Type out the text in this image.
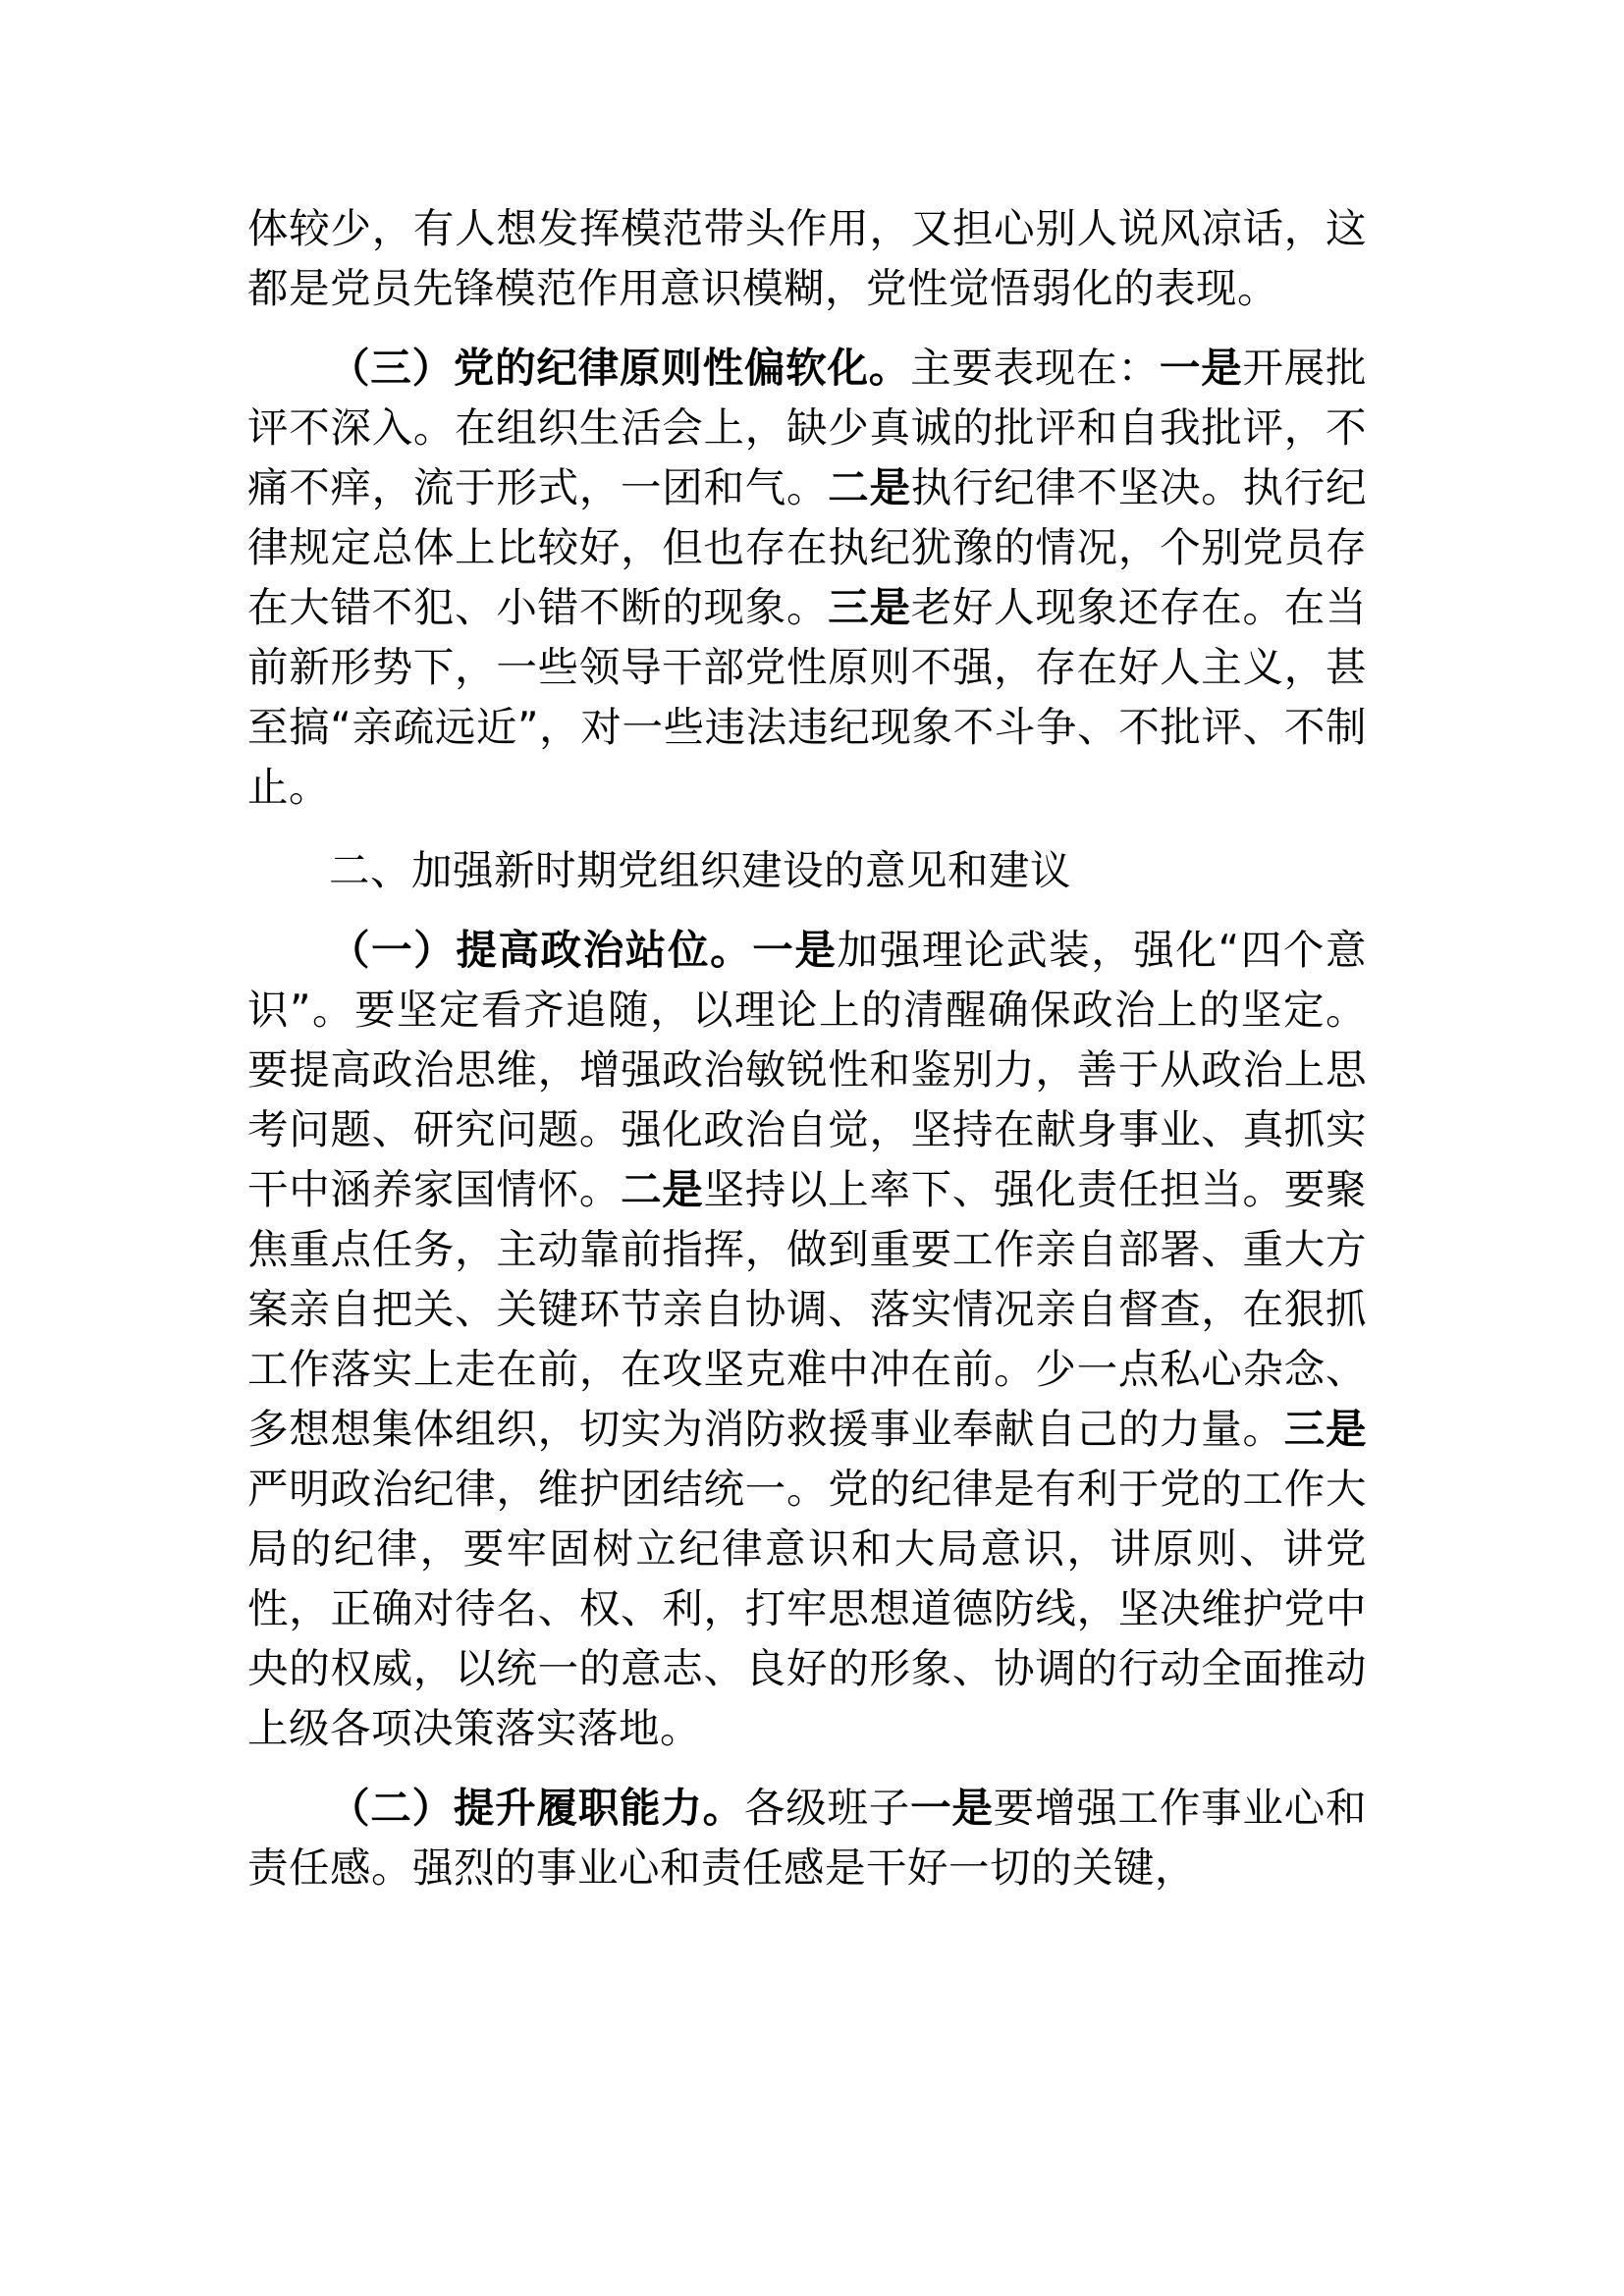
体较少，有人想发挥模范带头作用，又担心别人说风凉话，这都是党员先锋模范作用意识模糊，党性觉悟弱化的表现。

（三）党的纪律原则性偏软化。主要表现在：一是开展批评不深入。在组织生活会上，缺少真诚的批评和自我批评，不痛不痒，流于形式，一团和气。二是执行纪律不坚决。执行纪律规定总体上比较好，但也存在执纪犹豫的情况，个别党员存在大错不犯、小错不断的现象。三是老好人现象还存在。在当前新形势下，一些领导干部党性原则不强，存在好人主义，甚至搞“亲疏远近”，对一些违法违纪现象不斗争、不批评、不制止。

二、加强新时期党组织建设的意见和建议

（一）提高政治站位。一是加强理论武装，强化“四个意识”。要坚定看齐追随，以理论上的清醒确保政治上的坚定。要提高政治思维，增强政治敏锐性和鉴别力，善于从政治上思考问题、研究问题。强化政治自觉，坚持在献身事业、真抓实干中涵养家国情怀。二是坚持以上率下、强化责任担当。要聚焦重点任务，主动靠前指挥，做到重要工作亲自部署、重大方案亲自把关、关键环节亲自协调、落实情况亲自督查，在狠抓工作落实上走在前，在攻坚克难中冲在前。少一点私心杂念、多想想集体组织，切实为消防救援事业奉献自己的力量。三是严明政治纪律，维护团结统一。党的纪律是有利于党的工作大局的纪律，要牢固树立纪律意识和大局意识，讲原则、讲党性，正确对待名、权、利，打牢思想道德防线，坚决维护党中央的权威，以统一的意志、良好的形象、协调的行动全面推动上级各项决策落实落地。

（二）提升履职能力。各级班子一是要增强工作事业心和责任感。强烈的事业心和责任感是干好一切的关键，
